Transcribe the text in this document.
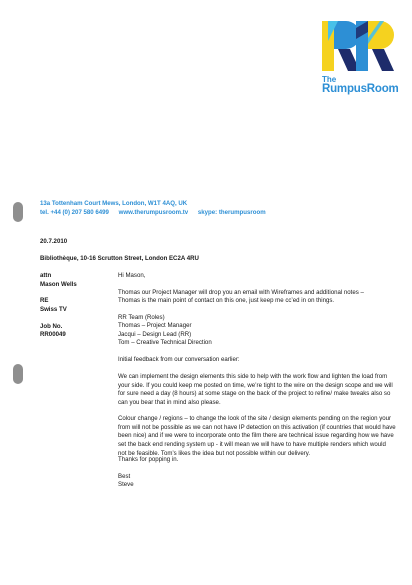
The
RumpusRoom
13a Tottenham Court Mews, London, W1T 4AQ, UK
tel. +44 (0) 207 580 6499 www.therumpusroom.tv skype: therumpusroom
20.7.2010
Bibliothèque, 10-16 Scrutton Street, London EC2A 4RU
attn
Mason Wells
RE
Swiss TV
Job No.
RR00049
Hi Mason,
Thomas our Project Manager will drop you an email with Wireframes and additional notes –
Thomas is the main point of contact on this one, just keep me cc’ed in on things.
RR Team (Roles)
Thomas – Project Manager
Jacqui – Design Lead (RR)
Tom – Creative Technical Direction
Initial feedback from our conversation earlier:
We can implement the design elements this side to help with the work flow and lighten the load from your side. If you could keep me posted on time, we’re tight to the wire on the design scope and we will for sure need a day (8 hours) at some stage on the back of the project to refine/ make tweaks also so can you bear that in mind also please.
Colour change / regions – to change the look of the site / design elements pending on the region your from will not be possible as we can not have IP detection on this activation (if countries that would have been nice) and if we were to incorporate onto the film there are technical issue regarding how we have set the back end rending system up - it will mean we will have to have multiple renders which would not be feasible. Tom’s likes the idea but not possible within our delivery.
Thanks for popping in.
Best
Steve
